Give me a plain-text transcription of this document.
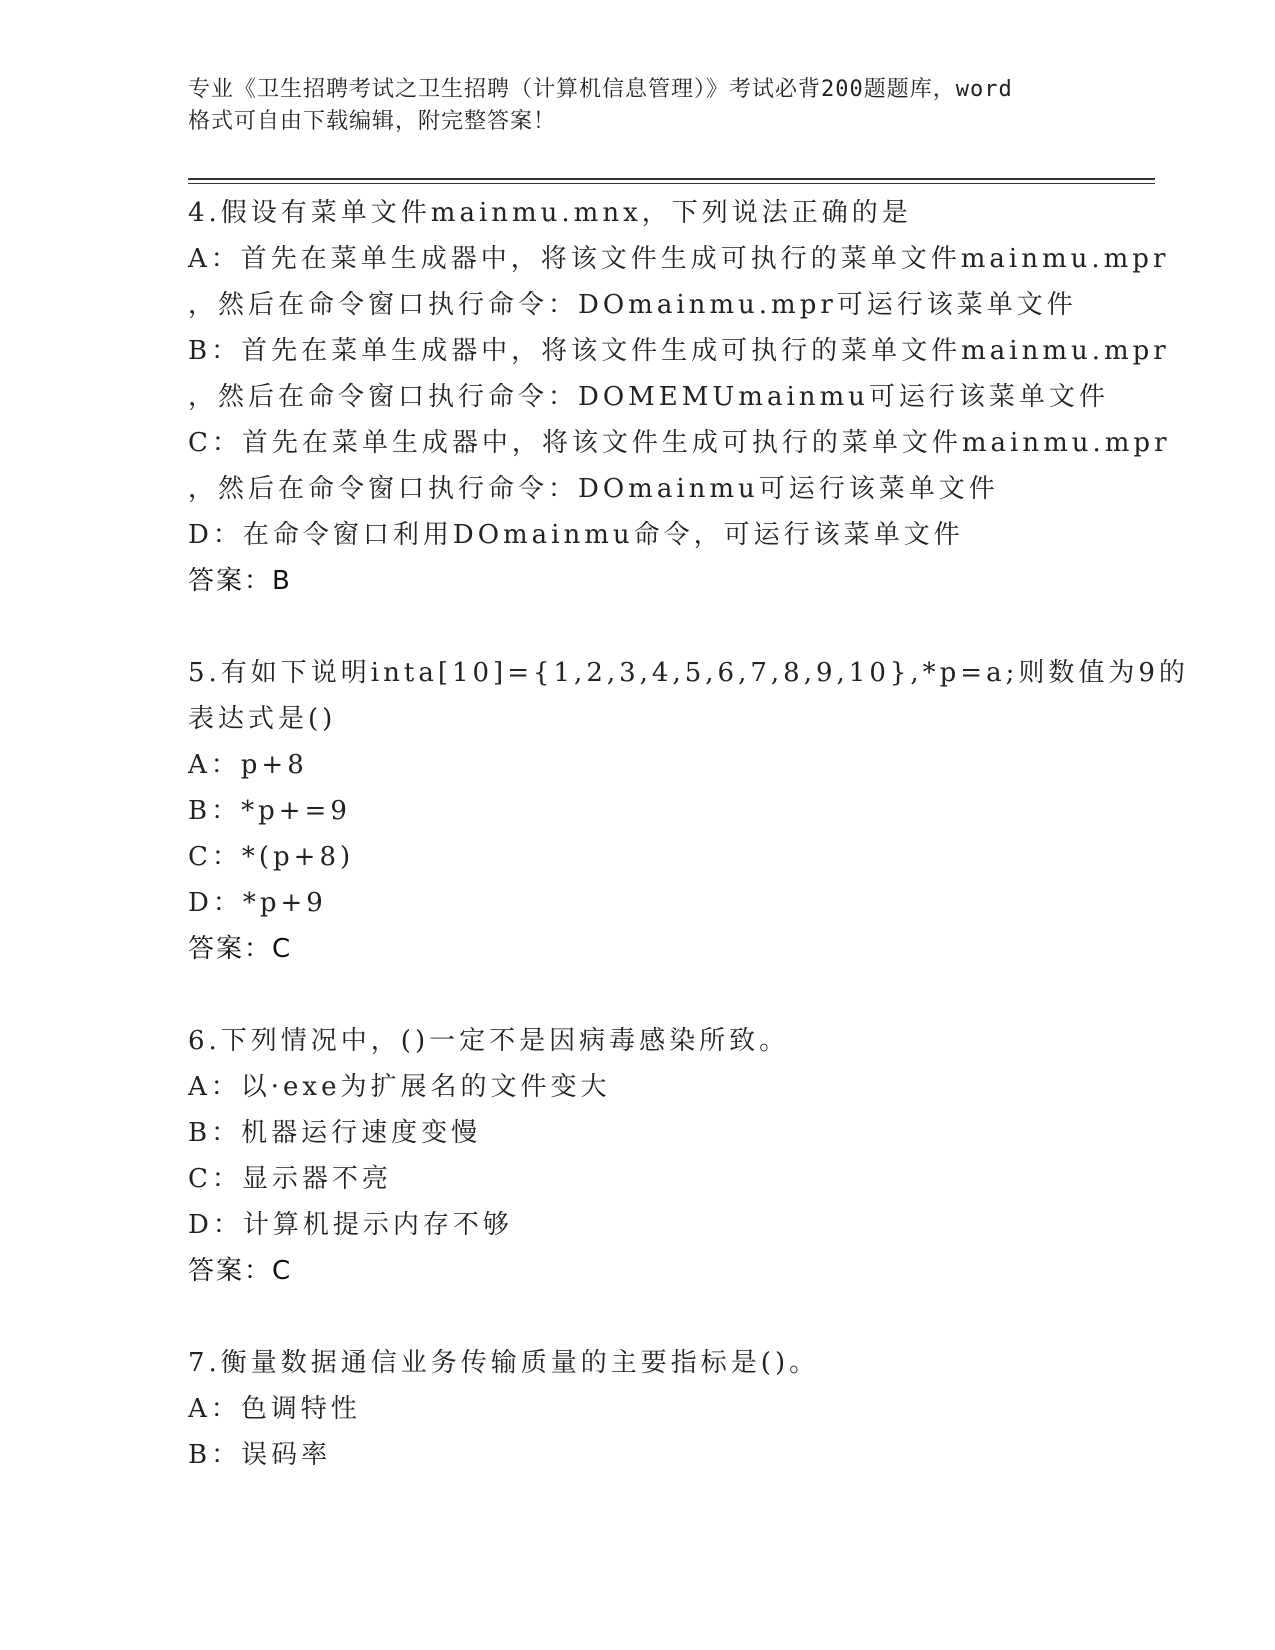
专业《卫生招聘考试之卫生招聘（计算机信息管理）》考试必背200题题库，word
格式可自由下载编辑，附完整答案！
4.假设有菜单文件mainmu.mnx，下列说法正确的是
A：首先在菜单生成器中，将该文件生成可执行的菜单文件mainmu.mpr
，然后在命令窗口执行命令：DOmainmu.mpr可运行该菜单文件
B：首先在菜单生成器中，将该文件生成可执行的菜单文件mainmu.mpr
，然后在命令窗口执行命令：DOMEMUmainmu可运行该菜单文件
C：首先在菜单生成器中，将该文件生成可执行的菜单文件mainmu.mpr
，然后在命令窗口执行命令：DOmainmu可运行该菜单文件
D：在命令窗口利用DOmainmu命令，可运行该菜单文件
答案：B
5.有如下说明inta[10]={1,2,3,4,5,6,7,8,9,10},*p=a;则数值为9的
表达式是()
A：p+8
B：*p+=9
C：*(p+8)
D：*p+9
答案：C
6.下列情况中，()一定不是因病毒感染所致。
A：以·exe为扩展名的文件变大
B：机器运行速度变慢
C：显示器不亮
D：计算机提示内存不够
答案：C
7.衡量数据通信业务传输质量的主要指标是()。
A：色调特性
B：误码率
